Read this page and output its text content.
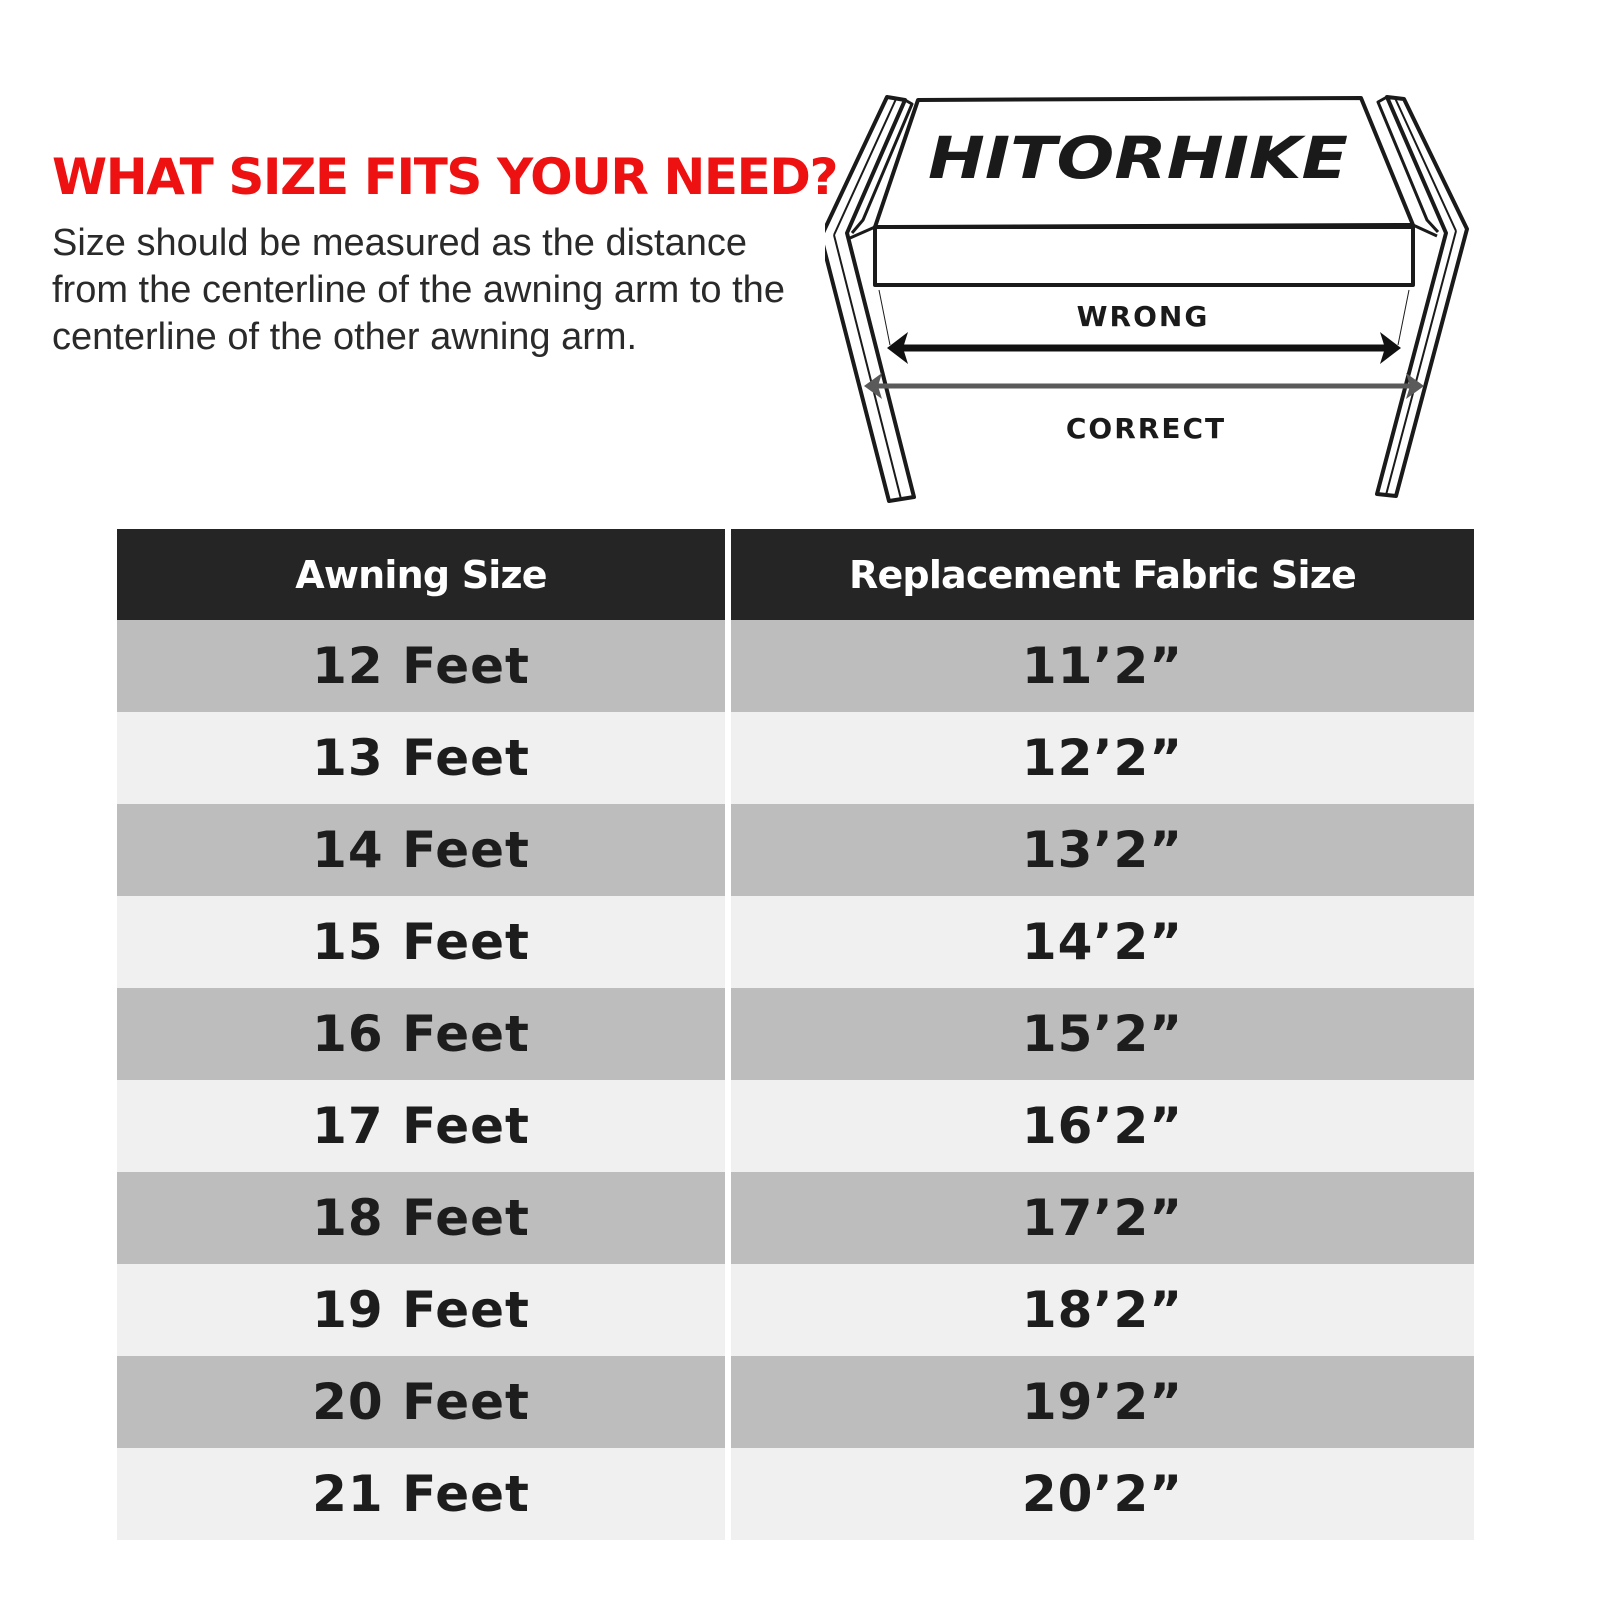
WHAT SIZE FITS YOUR NEED?

Size should be measured as the distance from the centerline of the awning arm to the centerline of the other awning arm.

HITORHIKE
WRONG
CORRECT
Awning Size	Replacement Fabric Size
12 Feet	11’2”
13 Feet	12’2”
14 Feet	13’2”
15 Feet	14’2”
16 Feet	15’2”
17 Feet	16’2”
18 Feet	17’2”
19 Feet	18’2”
20 Feet	19’2”
21 Feet	20’2”
